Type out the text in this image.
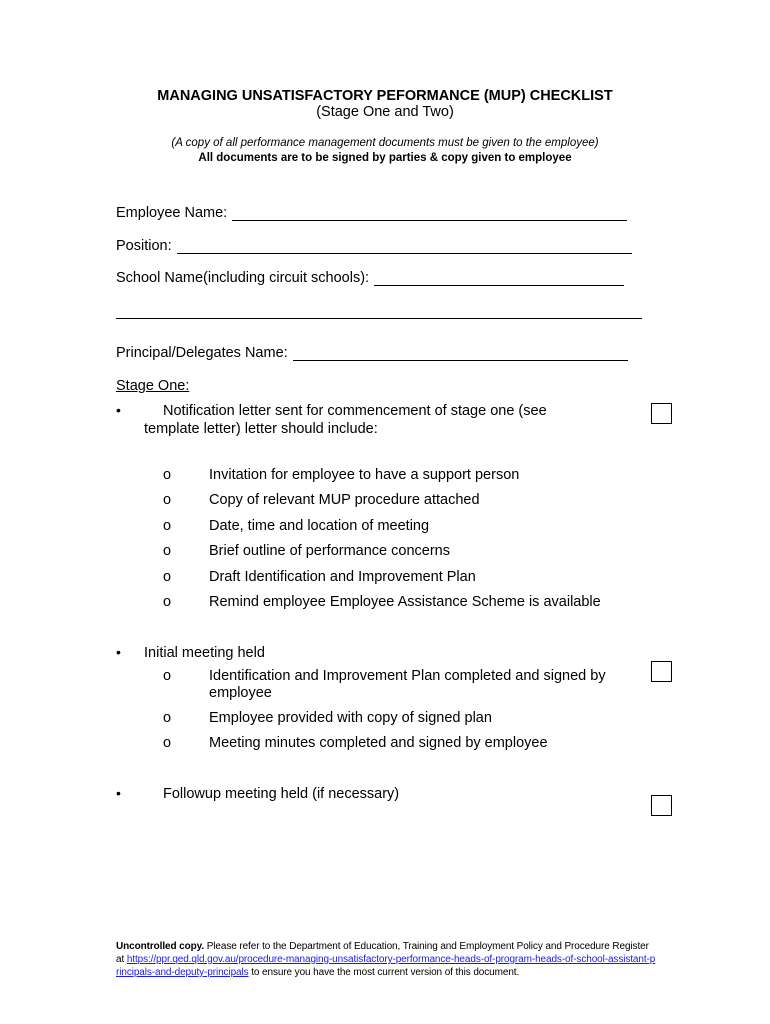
MANAGING UNSATISFACTORY PEFORMANCE (MUP) CHECKLIST
(Stage One and Two)
(A copy of all performance management documents must be given to the employee)
All documents are to be signed by parties & copy given to employee
Employee Name:
Position:
School Name(including circuit schools):
Principal/Delegates Name:
Stage One:
•	Notification letter sent for commencement of stage one (see
template letter) letter should include:
o	Invitation for employee to have a support person
o	Copy of relevant MUP procedure attached
o	Date, time and location of meeting
o	Brief outline of performance concerns
o	Draft Identification and Improvement Plan
o	Remind employee Employee Assistance Scheme is available
• Initial meeting held
o	Identification and Improvement Plan completed and signed by employee
o	Employee provided with copy of signed plan
o	Meeting minutes completed and signed by employee
•	Followup meeting held (if necessary)
Uncontrolled copy. Please refer to the Department of Education, Training and Employment Policy and Procedure Register at https://ppr.qed.qld.gov.au/procedure-managing-unsatisfactory-performance-heads-of-program-heads-of-school-assistant-principals-and-deputy-principals to ensure you have the most current version of this document.
